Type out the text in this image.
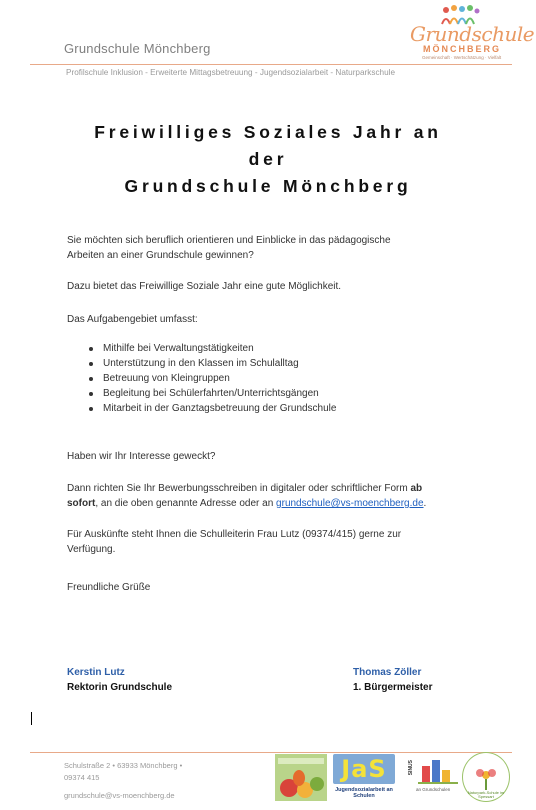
Grundschule Mönchberg
Profilschule Inklusion - Erweiterte Mittagsbetreuung - Jugendsozialarbeit - Naturparkschule
Grundschule
MÖNCHBERG
Gemeinschaft · Wertschätzung · Vielfalt
Freiwilliges Soziales Jahr an
der
Grundschule Mönchberg

Sie möchten sich beruflich orientieren und Einblicke in das pädagogische Arbeiten an einer Grundschule gewinnen?

Dazu bietet das Freiwillige Soziale Jahr eine gute Möglichkeit.

Das Aufgabengebiet umfasst:

Mithilfe bei Verwaltungstätigkeiten
Unterstützung in den Klassen im Schulalltag
Betreuung von Kleingruppen
Begleitung bei Schülerfahrten/Unterrichtsgängen
Mitarbeit in der Ganztagsbetreuung der Grundschule

Haben wir Ihr Interesse geweckt?

Dann richten Sie Ihr Bewerbungsschreiben in digitaler oder schriftlicher Form ab sofort, an die oben genannte Adresse oder an grundschule@vs-moenchberg.de.

Für Auskünfte steht Ihnen die Schulleiterin Frau Lutz (09374/415) gerne zur Verfügung.

Freundliche Grüße

Kerstin Lutz
Rektorin Grundschule
Thomas Zöller
1. Bürgermeister
Schulstraße 2 • 63933 Mönchberg •
09374 415
grundschule@vs-moenchberg.de
JaS
Jugendsozialarbeit an Schulen
SINUS
an Grundschulen
Naturpark-Schule im Spessart
